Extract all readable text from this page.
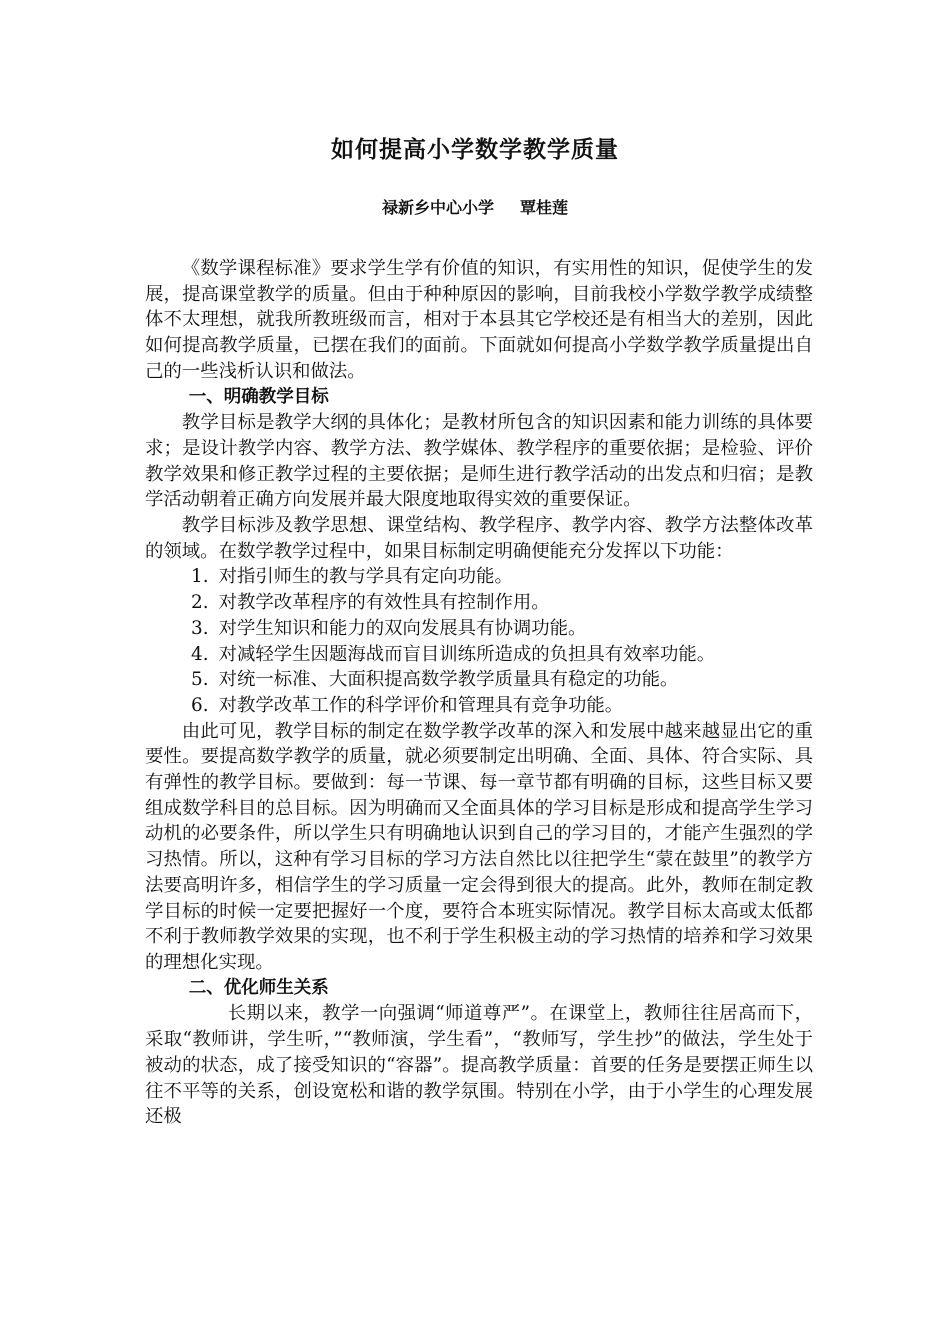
如何提高小学数学教学质量
禄新乡中心小学 覃桂莲

《数学课程标准》要求学生学有价值的知识，有实用性的知识，促使学生的发展，提高课堂教学的质量。但由于种种原因的影响，目前我校小学数学教学成绩整体不太理想，就我所教班级而言，相对于本县其它学校还是有相当大的差别，因此如何提高教学质量，已摆在我们的面前。下面就如何提高小学数学教学质量提出自己的一些浅析认识和做法。

一、明确教学目标

教学目标是教学大纲的具体化；是教材所包含的知识因素和能力训练的具体要求；是设计教学内容、教学方法、教学媒体、教学程序的重要依据；是检验、评价教学效果和修正教学过程的主要依据；是师生进行教学活动的出发点和归宿；是教学活动朝着正确方向发展并最大限度地取得实效的重要保证。

教学目标涉及教学思想、课堂结构、教学程序、教学内容、教学方法整体改革的领域。在数学教学过程中，如果目标制定明确便能充分发挥以下功能：

1. 对指引师生的教与学具有定向功能。
2. 对教学改革程序的有效性具有控制作用。
3. 对学生知识和能力的双向发展具有协调功能。
4. 对减轻学生因题海战而盲目训练所造成的负担具有效率功能。
5. 对统一标准、大面积提高数学教学质量具有稳定的功能。
6. 对教学改革工作的科学评价和管理具有竞争功能。

由此可见，教学目标的制定在数学教学改革的深入和发展中越来越显出它的重要性。要提高数学教学的质量，就必须要制定出明确、全面、具体、符合实际、具有弹性的教学目标。要做到：每一节课、每一章节都有明确的目标，这些目标又要组成数学科目的总目标。因为明确而又全面具体的学习目标是形成和提高学生学习动机的必要条件，所以学生只有明确地认识到自己的学习目的，才能产生强烈的学习热情。所以，这种有学习目标的学习方法自然比以往把学生“蒙在鼓里”的教学方法要高明许多，相信学生的学习质量一定会得到很大的提高。此外，教师在制定教学目标的时候一定要把握好一个度，要符合本班实际情况。教学目标太高或太低都不利于教师教学效果的实现，也不利于学生积极主动的学习热情的培养和学习效果的理想化实现。

二、优化师生关系

长期以来，教学一向强调“师道尊严”。在课堂上，教师往往居高而下，采取“教师讲，学生听，”“教师演，学生看”，“教师写，学生抄”的做法，学生处于被动的状态，成了接受知识的“容器”。提高教学质量：首要的任务是要摆正师生以往不平等的关系，创设宽松和谐的教学氛围。特别在小学，由于小学生的心理发展还极
